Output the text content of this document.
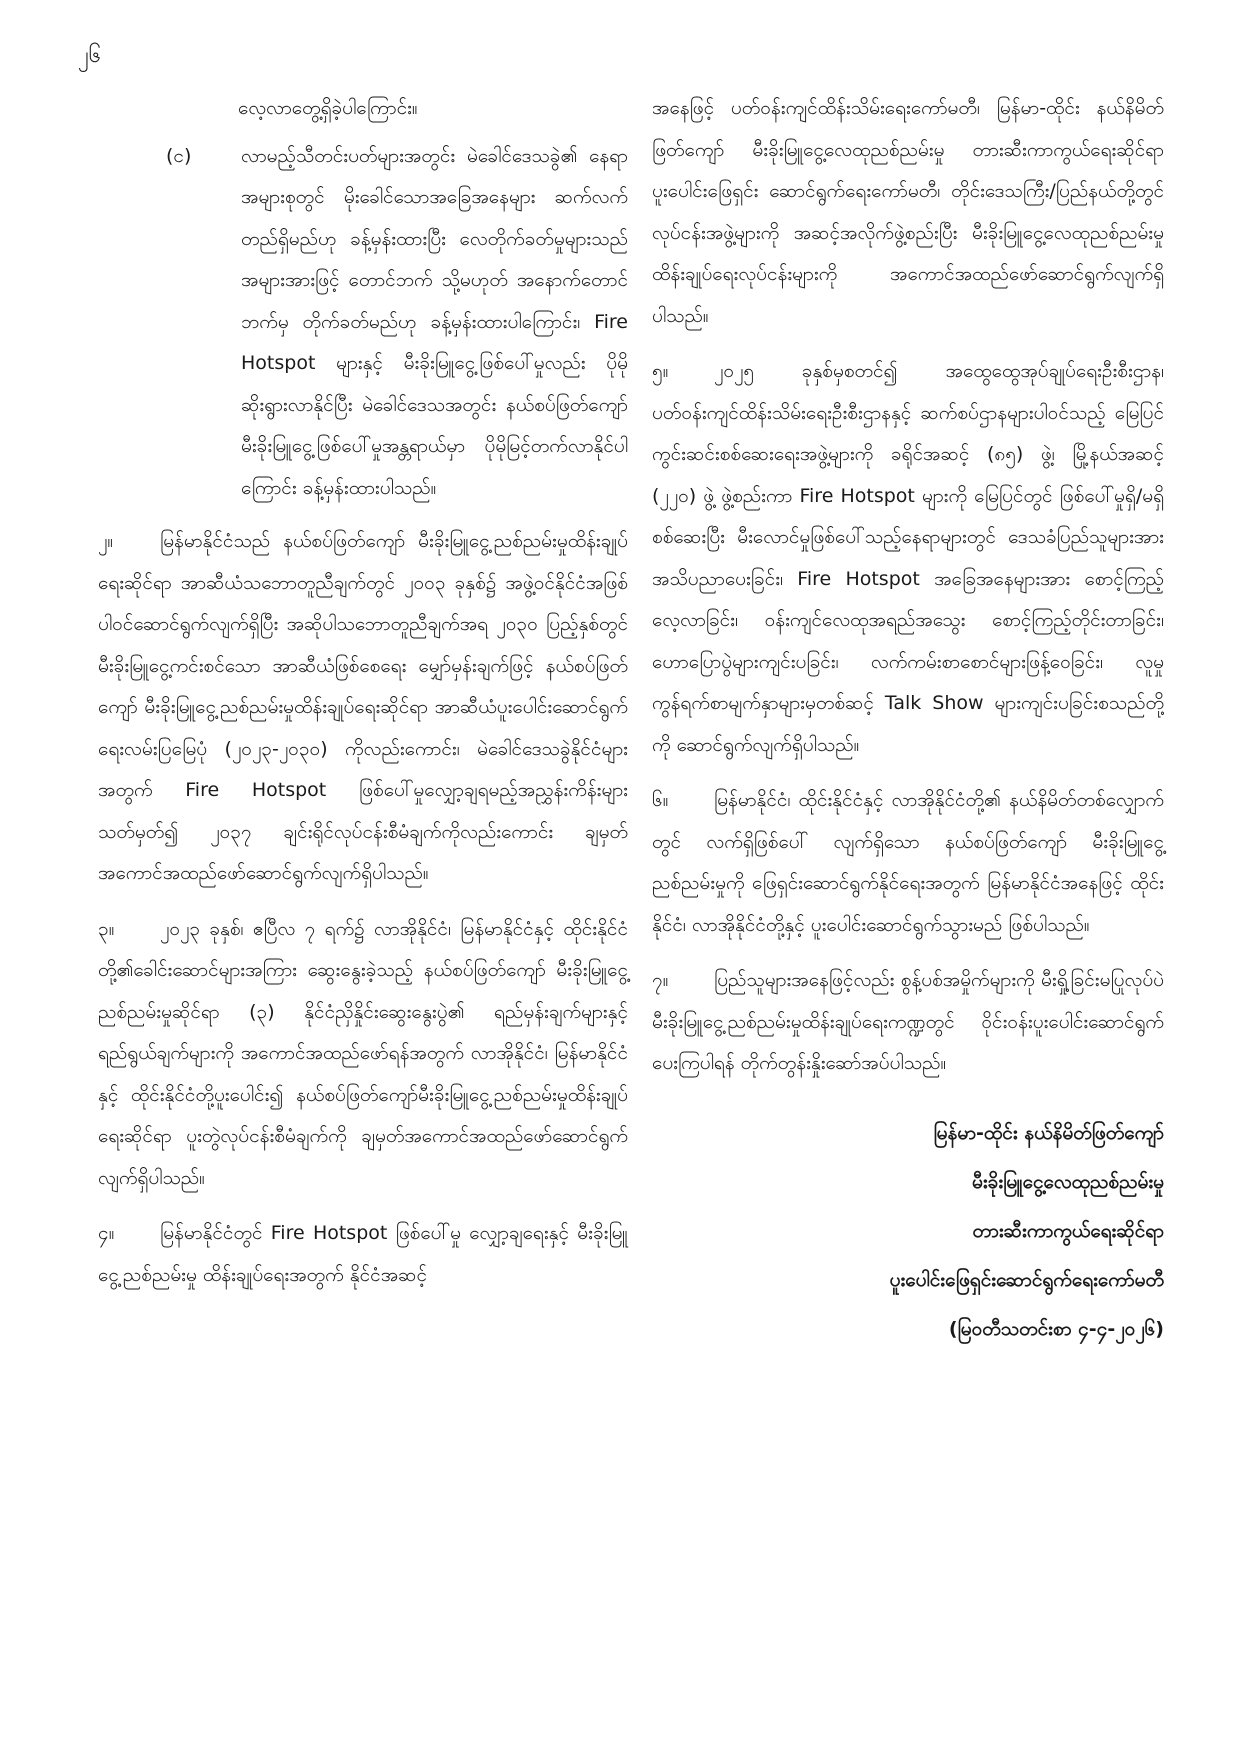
၂၆

လေ့လာတွေ့ရှိခဲ့ပါကြောင်း။

(င)	လာမည့်သီတင်းပတ်များအတွင်း မဲခေါင်ဒေသခွဲ၏ နေရာအများစုတွင် မိုးခေါင်သောအခြေအနေများ ဆက်လက်တည်ရှိမည်ဟု ခန့်မှန်းထားပြီး လေတိုက်ခတ်မှုများသည် အများအားဖြင့် တောင်ဘက် သို့မဟုတ် အနောက်တောင်ဘက်မှ တိုက်ခတ်မည်ဟု ခန့်မှန်းထားပါကြောင်း၊ Fire Hotspot များနှင့် မီးခိုးမြူငွေ့ဖြစ်ပေါ်မှုလည်း ပိုမိုဆိုးရွားလာနိုင်ပြီး မဲခေါင်ဒေသအတွင်း နယ်စပ်ဖြတ်ကျော် မီးခိုးမြူငွေ့ဖြစ်ပေါ်မှုအန္တရာယ်မှာ ပိုမိုမြင့်တက်လာနိုင်ပါကြောင်း ခန့်မှန်းထားပါသည်။

၂။ မြန်မာနိုင်ငံသည် နယ်စပ်ဖြတ်ကျော် မီးခိုးမြူငွေ့ညစ်ညမ်းမှုထိန်းချုပ်ရေးဆိုင်ရာ အာဆီယံသဘောတူညီချက်တွင် ၂၀၀၃ ခုနှစ်၌ အဖွဲ့ဝင်နိုင်ငံအဖြစ် ပါဝင်ဆောင်ရွက်လျက်ရှိပြီး အဆိုပါသဘောတူညီချက်အရ ၂၀၃၀ ပြည့်နှစ်တွင် မီးခိုးမြူငွေ့ကင်းစင်သော အာဆီယံဖြစ်စေရေး မျှော်မှန်းချက်ဖြင့် နယ်စပ်ဖြတ်ကျော် မီးခိုးမြူငွေ့ညစ်ညမ်းမှုထိန်းချုပ်ရေးဆိုင်ရာ အာဆီယံပူးပေါင်းဆောင်ရွက်ရေးလမ်းပြမြေပုံ (၂၀၂၃-၂၀၃၀) ကိုလည်းကောင်း၊ မဲခေါင်ဒေသခွဲနိုင်ငံများအတွက် Fire Hotspot ဖြစ်ပေါ်မှုလျှော့ချရမည့်အညွှန်းကိန်းများသတ်မှတ်၍ ၂၀၃၇ ချင်းရိုင်လုပ်ငန်းစီမံချက်ကိုလည်းကောင်း ချမှတ်အကောင်အထည်ဖော်ဆောင်ရွက်လျက်ရှိပါသည်။

၃။ ၂၀၂၃ ခုနှစ်၊ ဧပြီလ ၇ ရက်၌ လာအိုနိုင်ငံ၊ မြန်မာနိုင်ငံနှင့် ထိုင်းနိုင်ငံတို့၏ခေါင်းဆောင်များအကြား ဆွေးနွေးခဲ့သည့် နယ်စပ်ဖြတ်ကျော် မီးခိုးမြူငွေ့ညစ်ညမ်းမှုဆိုင်ရာ (၃) နိုင်ငံညှိနှိုင်းဆွေးနွေးပွဲ၏ ရည်မှန်းချက်များနှင့် ရည်ရွယ်ချက်များကို အကောင်အထည်ဖော်ရန်အတွက် လာအိုနိုင်ငံ၊ မြန်မာနိုင်ငံနှင့် ထိုင်းနိုင်ငံတို့ပူးပေါင်း၍ နယ်စပ်ဖြတ်ကျော်မီးခိုးမြူငွေ့ညစ်ညမ်းမှုထိန်းချုပ်ရေးဆိုင်ရာ ပူးတွဲလုပ်ငန်းစီမံချက်ကို ချမှတ်အကောင်အထည်ဖော်ဆောင်ရွက်လျက်ရှိပါသည်။

၄။ မြန်မာနိုင်ငံတွင် Fire Hotspot ဖြစ်ပေါ်မှု လျှော့ချရေးနှင့် မီးခိုးမြူငွေ့ညစ်ညမ်းမှု ထိန်းချုပ်ရေးအတွက် နိုင်ငံအဆင့်

အနေဖြင့် ပတ်ဝန်းကျင်ထိန်းသိမ်းရေးကော်မတီ၊ မြန်မာ-ထိုင်း နယ်နိမိတ်ဖြတ်ကျော် မီးခိုးမြူငွေ့လေထုညစ်ညမ်းမှု တားဆီးကာကွယ်ရေးဆိုင်ရာ ပူးပေါင်းဖြေရှင်း ဆောင်ရွက်ရေးကော်မတီ၊ တိုင်းဒေသကြီး/ပြည်နယ်တို့တွင် လုပ်ငန်းအဖွဲ့များကို အဆင့်အလိုက်ဖွဲ့စည်းပြီး မီးခိုးမြူငွေ့လေထုညစ်ညမ်းမှု ထိန်းချုပ်ရေးလုပ်ငန်းများကို အကောင်အထည်ဖော်ဆောင်ရွက်လျက်ရှိပါသည်။

၅။ ၂၀၂၅ ခုနှစ်မှစတင်၍ အထွေထွေအုပ်ချုပ်ရေးဦးစီးဌာန၊ ပတ်ဝန်းကျင်ထိန်းသိမ်းရေးဦးစီးဌာနနှင့် ဆက်စပ်ဌာနများပါဝင်သည့် မြေပြင်ကွင်းဆင်းစစ်ဆေးရေးအဖွဲ့များကို ခရိုင်အဆင့် (၈၅) ဖွဲ့၊ မြို့နယ်အဆင့် (၂၂၀) ဖွဲ့ ဖွဲ့စည်းကာ Fire Hotspot များကို မြေပြင်တွင် ဖြစ်ပေါ်မှုရှိ/မရှိ စစ်ဆေးပြီး မီးလောင်မှုဖြစ်ပေါ်သည့်နေရာများတွင် ဒေသခံပြည်သူများအား အသိပညာပေးခြင်း၊ Fire Hotspot အခြေအနေများအား စောင့်ကြည့်လေ့လာခြင်း၊ ဝန်းကျင်လေထုအရည်အသွေး စောင့်ကြည့်တိုင်းတာခြင်း၊ ဟောပြောပွဲများကျင်းပခြင်း၊ လက်ကမ်းစာစောင်များဖြန့်ဝေခြင်း၊ လူမှုကွန်ရက်စာမျက်နှာများမှတစ်ဆင့် Talk Show များကျင်းပခြင်းစသည်တို့ကို ဆောင်ရွက်လျက်ရှိပါသည်။

၆။ မြန်မာနိုင်ငံ၊ ထိုင်းနိုင်ငံနှင့် လာအိုနိုင်ငံတို့၏ နယ်နိမိတ်တစ်လျှောက်တွင် လက်ရှိဖြစ်ပေါ် လျက်ရှိသော နယ်စပ်ဖြတ်ကျော် မီးခိုးမြူငွေ့ညစ်ညမ်းမှုကို ဖြေရှင်းဆောင်ရွက်နိုင်ရေးအတွက် မြန်မာနိုင်ငံအနေဖြင့် ထိုင်းနိုင်ငံ၊ လာအိုနိုင်ငံတို့နှင့် ပူးပေါင်းဆောင်ရွက်သွားမည် ဖြစ်ပါသည်။

၇။ ပြည်သူများအနေဖြင့်လည်း စွန့်ပစ်အမှိုက်များကို မီးရှို့ခြင်းမပြုလုပ်ပဲ မီးခိုးမြူငွေ့ညစ်ညမ်းမှုထိန်းချုပ်ရေးကဏ္ဍတွင် ဝိုင်းဝန်းပူးပေါင်းဆောင်ရွက်ပေးကြပါရန် တိုက်တွန်းနှိုးဆော်အပ်ပါသည်။

မြန်မာ-ထိုင်း နယ်နိမိတ်ဖြတ်ကျော်
မီးခိုးမြူငွေ့လေထုညစ်ညမ်းမှု
တားဆီးကာကွယ်ရေးဆိုင်ရာ
ပူးပေါင်းဖြေရှင်းဆောင်ရွက်ရေးကော်မတီ
(မြဝတီသတင်းစာ ၄-၄-၂၀၂၆)
